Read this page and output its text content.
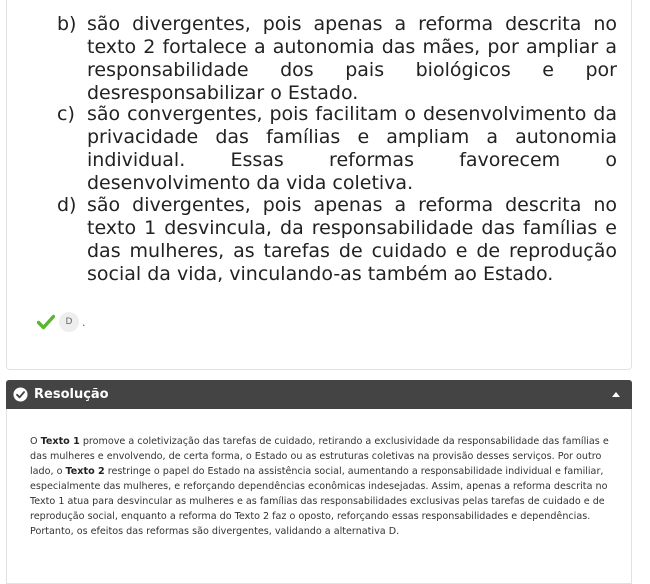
b) são divergentes, pois apenas a reforma descrita no texto 2 fortalece a autonomia das mães, por ampliar a responsabilidade dos pais biológicos e por desresponsabilizar o Estado.
c) são convergentes, pois facilitam o desenvolvimento da privacidade das famílias e ampliam a autonomia individual. Essas reformas favorecem o desenvolvimento da vida coletiva.
d) são divergentes, pois apenas a reforma descrita no texto 1 desvincula, da responsabilidade das famílias e das mulheres, as tarefas de cuidado e de reprodução social da vida, vinculando-as também ao Estado.
D .
Resolução

O Texto 1 promove a coletivização das tarefas de cuidado, retirando a exclusividade da responsabilidade das famílias e das mulheres e envolvendo, de certa forma, o Estado ou as estruturas coletivas na provisão desses serviços. Por outro lado, o Texto 2 restringe o papel do Estado na assistência social, aumentando a responsabilidade individual e familiar, especialmente das mulheres, e reforçando dependências econômicas indesejadas. Assim, apenas a reforma descrita no Texto 1 atua para desvincular as mulheres e as famílias das responsabilidades exclusivas pelas tarefas de cuidado e de reprodução social, enquanto a reforma do Texto 2 faz o oposto, reforçando essas responsabilidades e dependências. Portanto, os efeitos das reformas são divergentes, validando a alternativa D.
